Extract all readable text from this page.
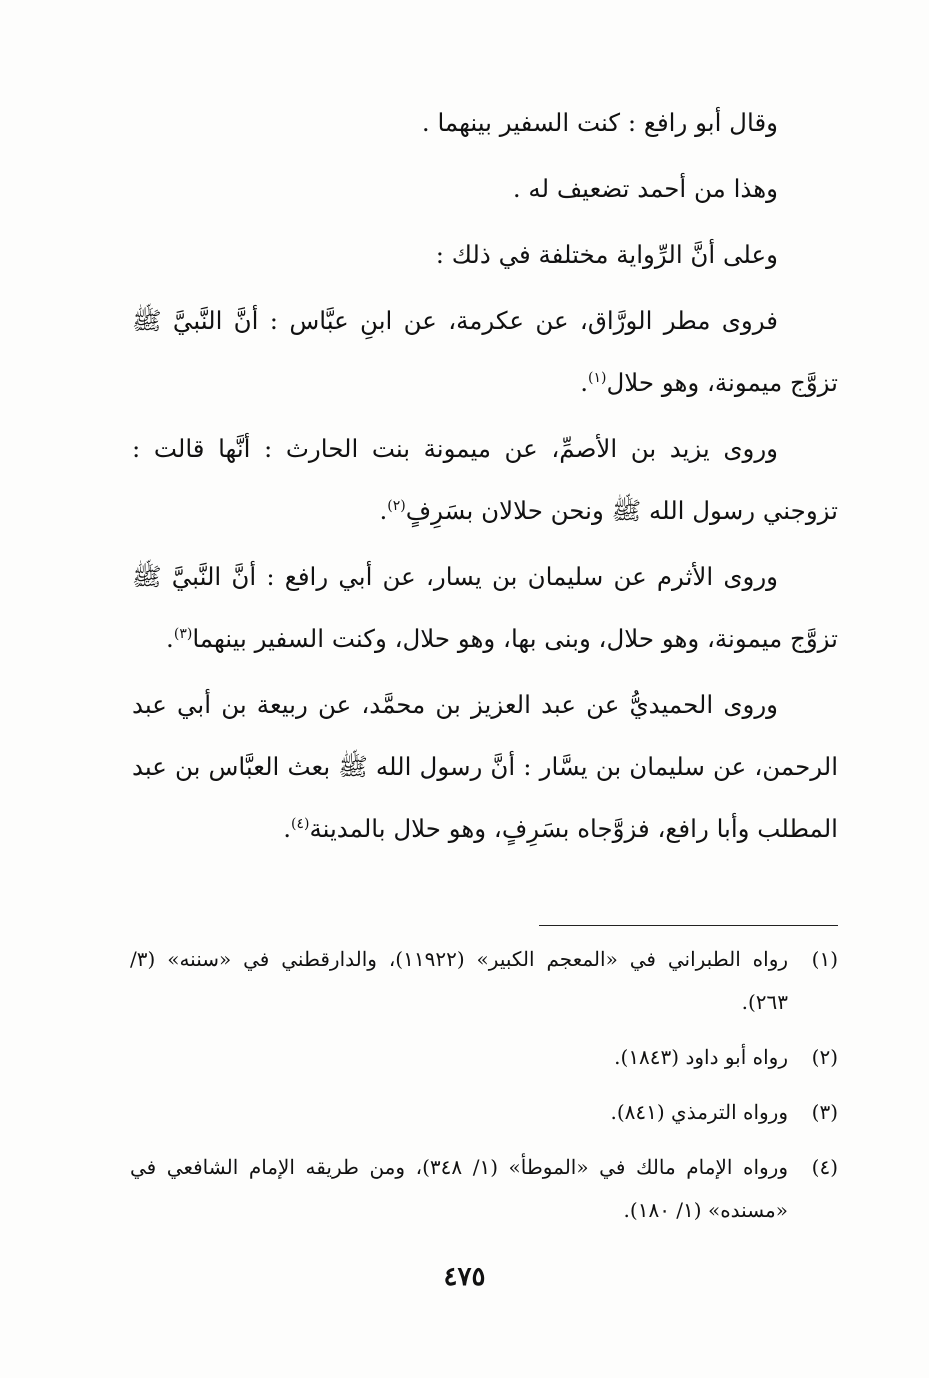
وقال أبو رافع : كنت السفير بينهما .

وهذا من أحمد تضعيف له .

وعلى أنَّ الرِّواية مختلفة في ذلك :

فروى مطر الورَّاق، عن عكرمة، عن ابنِ عبَّاس : أنَّ النَّبيَّ ﷺ تزوَّج ميمونة، وهو حلال$^{(١)}$.

وروى يزيد بن الأصمِّ، عن ميمونة بنت الحارث : أنَّها قالت : تزوجني رسول الله ﷺ ونحن حلالان بسَرِفٍ$^{(٢)}$.

وروى الأثرم عن سليمان بن يسار، عن أبي رافع : أنَّ النَّبيَّ ﷺ تزوَّج ميمونة، وهو حلال، وبنى بها، وهو حلال، وكنت السفير بينهما$^{(٣)}$.

وروى الحميديُّ عن عبد العزيز بن محمَّد، عن ربيعة بن أبي عبد الرحمن، عن سليمان بن يسَّار : أنَّ رسول الله ﷺ بعث العبَّاس بن عبد المطلب وأبا رافع، فزوَّجاه بسَرِفٍ، وهو حلال بالمدينة$^{(٤)}$.

(١)
رواه الطبراني في «المعجم الكبير» (١١٩٢٢)، والدارقطني في «سننه» (٣/ ٢٦٣).
(٢)
رواه أبو داود (١٨٤٣).
(٣)
ورواه الترمذي (٨٤١).
(٤)
ورواه الإمام مالك في «الموطأ» (١/ ٣٤٨)، ومن طريقه الإمام الشافعي في «مسنده» (١/ ١٨٠).
٤٧٥
